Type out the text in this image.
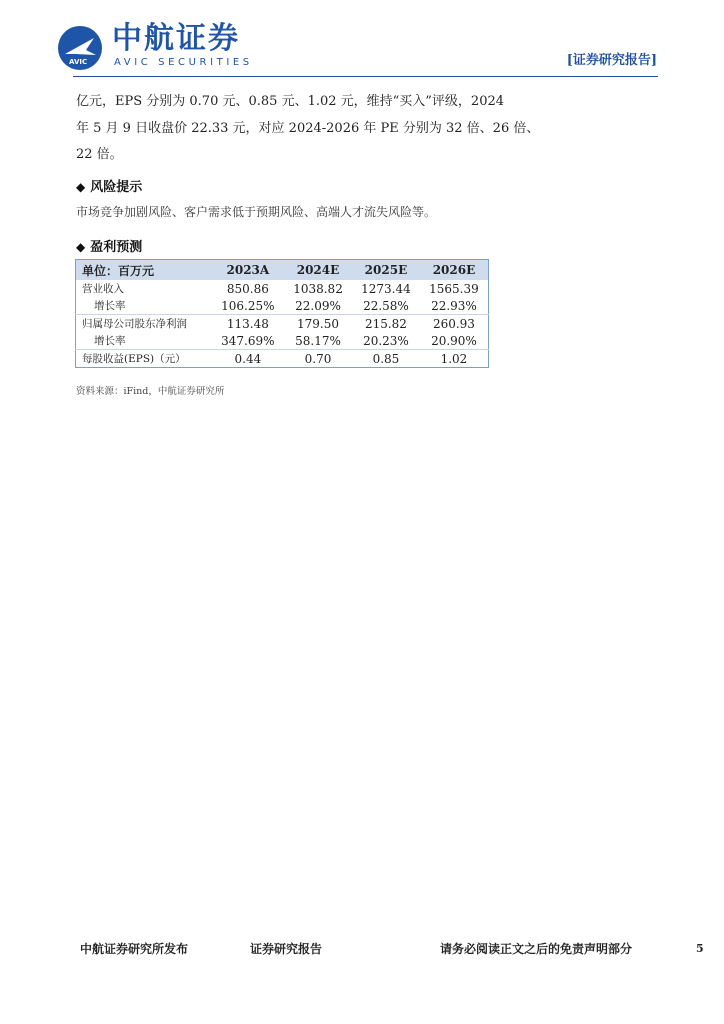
AVIC
中航证券
AVIC SECURITIES	[证券研究报告]
亿元，EPS 分别为 0.70 元、0.85 元、1.02 元，维持“买入”评级，2024
年 5 月 9 日收盘价 22.33 元，对应 2024-2026 年 PE 分别为 32 倍、26 倍、
22 倍。
◆ 风险提示
市场竞争加剧风险、客户需求低于预期风险、高端人才流失风险等。
◆ 盈利预测
单位：百万元	2023A	2024E	2025E	2026E
营业收入	850.86	1038.82	1273.44	1565.39
增长率	106.25%	22.09%	22.58%	22.93%
归属母公司股东净利润	113.48	179.50	215.82	260.93
增长率	347.69%	58.17%	20.23%	20.90%
每股收益(EPS)（元）	0.44	0.70	0.85	1.02
资料来源：iFind，中航证券研究所
中航证券研究所发布	证券研究报告	请务必阅读正文之后的免责声明部分	5
